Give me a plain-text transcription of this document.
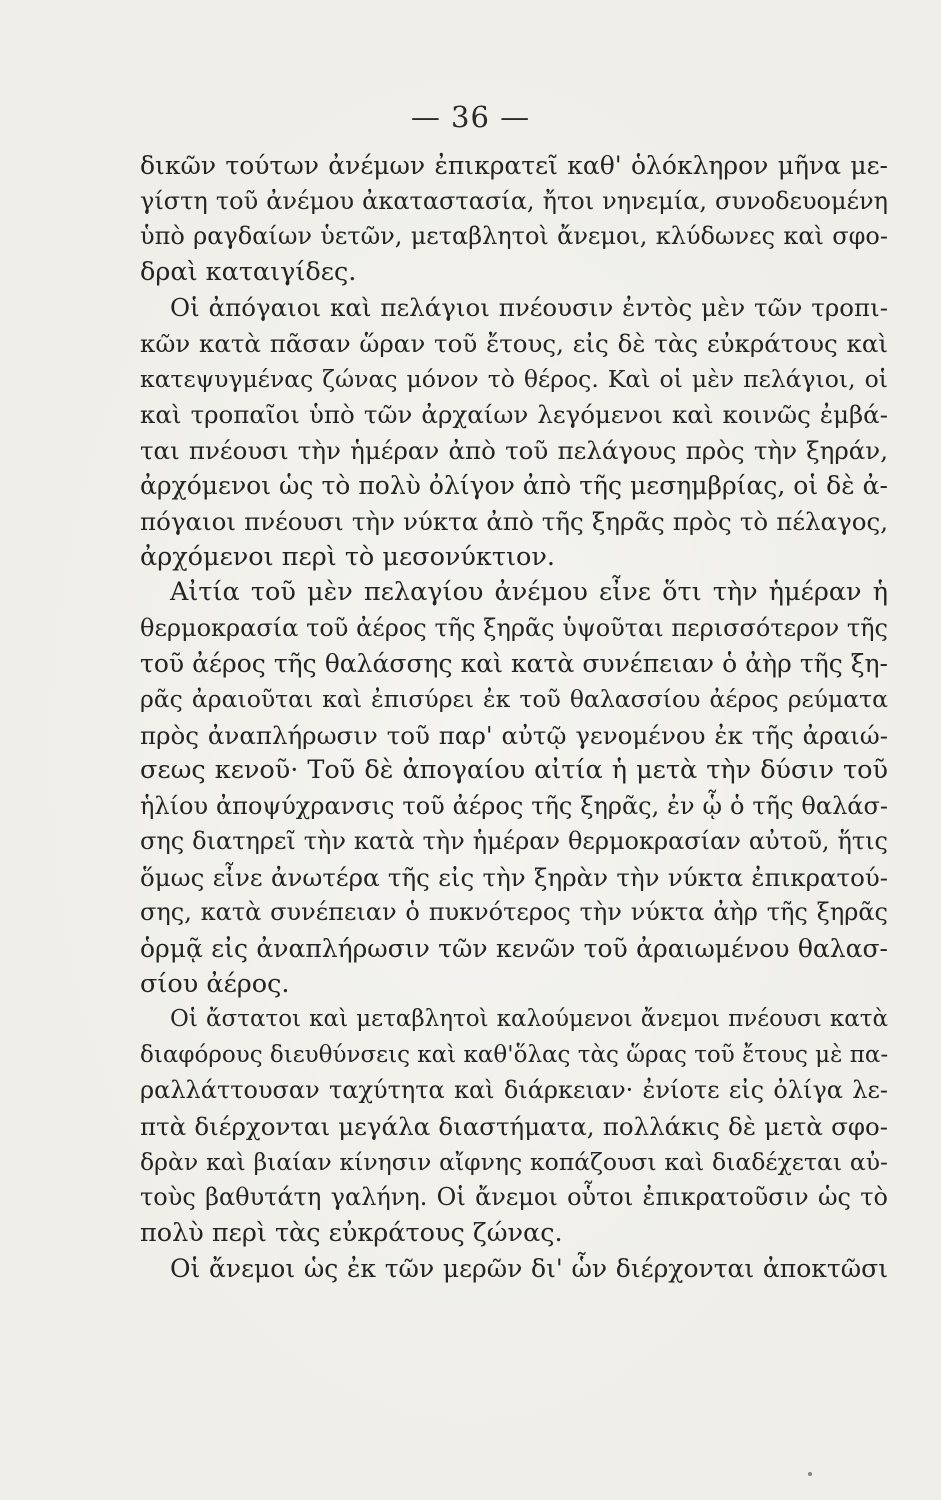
— 36 —
δικῶν τούτων ἀνέμων ἐπικρατεῖ καθ' ὁλόκληρον μῆνα με-
γίστη τοῦ ἀνέμου ἀκαταστασία, ἤτοι νηνεμία, συνοδευομένη
ὑπὸ ραγδαίων ὑετῶν, μεταβλητοὶ ἄνεμοι, κλύδωνες καὶ σφο-
δραὶ καταιγίδες.
Οἱ ἀπόγαιοι καὶ πελάγιοι πνέουσιν ἐντὸς μὲν τῶν τροπι-
κῶν κατὰ πᾶσαν ὥραν τοῦ ἔτους, εἰς δὲ τὰς εὐκράτους καὶ
κατεψυγμένας ζώνας μόνον τὸ θέρος. Καὶ οἱ μὲν πελάγιοι, οἱ
καὶ τροπαῖοι ὑπὸ τῶν ἀρχαίων λεγόμενοι καὶ κοινῶς ἐμβά-
ται πνέουσι τὴν ἡμέραν ἀπὸ τοῦ πελάγους πρὸς τὴν ξηράν,
ἀρχόμενοι ὡς τὸ πολὺ ὀλίγον ἀπὸ τῆς μεσημβρίας, οἱ δὲ ἀ-
πόγαιοι πνέουσι τὴν νύκτα ἀπὸ τῆς ξηρᾶς πρὸς τὸ πέλαγος,
ἀρχόμενοι περὶ τὸ μεσονύκτιον.
Αἰτία τοῦ μὲν πελαγίου ἀνέμου εἶνε ὅτι τὴν ἡμέραν ἡ
θερμοκρασία τοῦ ἀέρος τῆς ξηρᾶς ὑψοῦται περισσότερον τῆς
τοῦ ἀέρος τῆς θαλάσσης καὶ κατὰ συνέπειαν ὁ ἀὴρ τῆς ξη-
ρᾶς ἀραιοῦται καὶ ἐπισύρει ἐκ τοῦ θαλασσίου ἀέρος ρεύματα
πρὸς ἀναπλήρωσιν τοῦ παρ' αὐτῷ γενομένου ἐκ τῆς ἀραιώ-
σεως κενοῦ· Τοῦ δὲ ἀπογαίου αἰτία ἡ μετὰ τὴν δύσιν τοῦ
ἡλίου ἀποψύχρανσις τοῦ ἀέρος τῆς ξηρᾶς, ἐν ᾧ ὁ τῆς θαλάσ-
σης διατηρεῖ τὴν κατὰ τὴν ἡμέραν θερμοκρασίαν αὐτοῦ, ἥτις
ὅμως εἶνε ἀνωτέρα τῆς εἰς τὴν ξηρὰν τὴν νύκτα ἐπικρατού-
σης, κατὰ συνέπειαν ὁ πυκνότερος τὴν νύκτα ἀὴρ τῆς ξηρᾶς
ὁρμᾷ εἰς ἀναπλήρωσιν τῶν κενῶν τοῦ ἀραιωμένου θαλασ-
σίου ἀέρος.
Οἱ ἄστατοι καὶ μεταβλητοὶ καλούμενοι ἄνεμοι πνέουσι κατὰ
διαφόρους διευθύνσεις καὶ καθ'ὅλας τὰς ὥρας τοῦ ἔτους μὲ πα-
ραλλάττουσαν ταχύτητα καὶ διάρκειαν· ἐνίοτε εἰς ὀλίγα λε-
πτὰ διέρχονται μεγάλα διαστήματα, πολλάκις δὲ μετὰ σφο-
δρὰν καὶ βιαίαν κίνησιν αἴφνης κοπάζουσι καὶ διαδέχεται αὐ-
τοὺς βαθυτάτη γαλήνη. Οἱ ἄνεμοι οὗτοι ἐπικρατοῦσιν ὡς τὸ
πολὺ περὶ τὰς εὐκράτους ζώνας.
Οἱ ἄνεμοι ὡς ἐκ τῶν μερῶν δι' ὧν διέρχονται ἀποκτῶσι
